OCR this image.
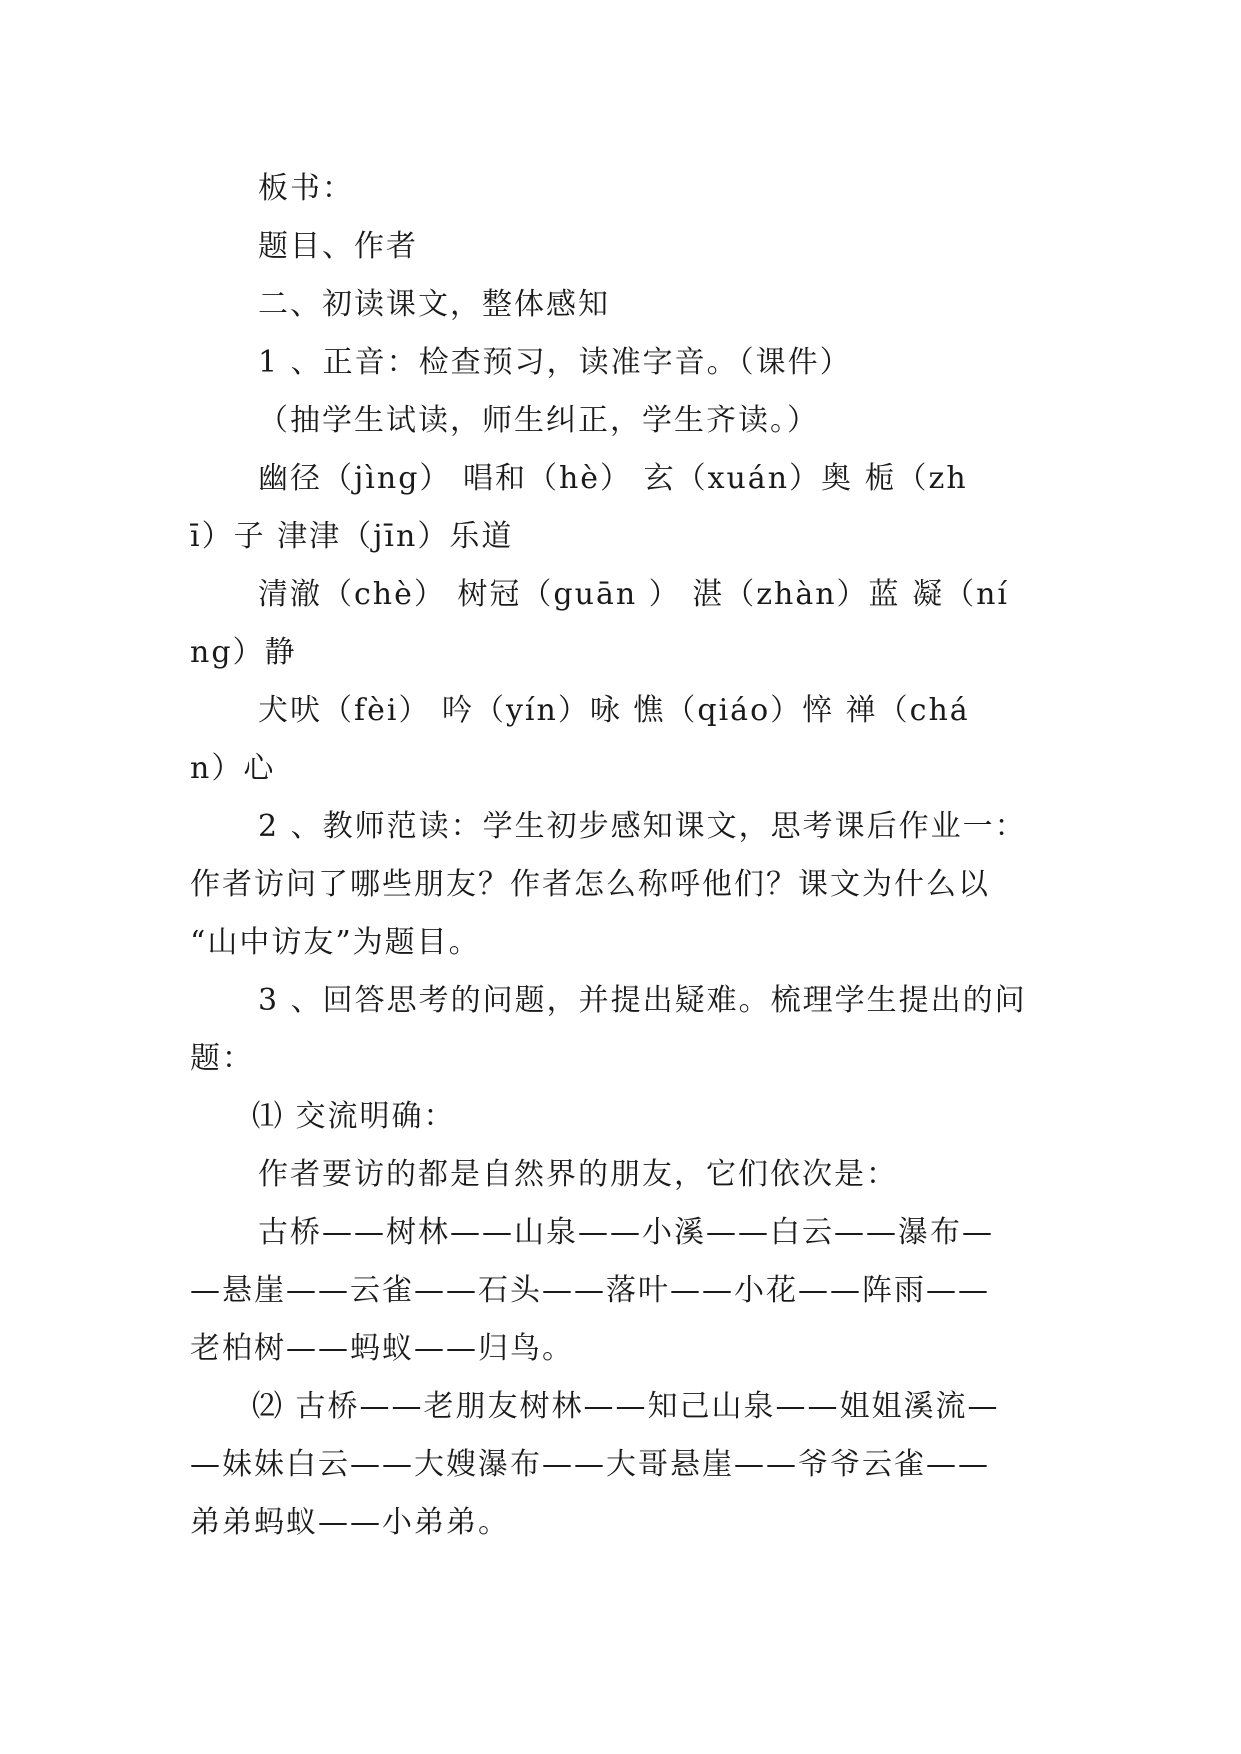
板书：
题目、作者
二、初读课文，整体感知
1 、正音：检查预习，读准字音。（课件）
（抽学生试读，师生纠正，学生齐读。）
幽径（jìng） 唱和（hè） 玄（xuán）奥 栀（zh
ī）子 津津（jīn）乐道
清澈（chè） 树冠（guān ） 湛（zhàn）蓝 凝（ní
ng）静
犬吠（fèi） 吟（yín）咏 憔（qiáo）悴 禅（chá
n）心
2 、教师范读：学生初步感知课文，思考课后作业一：
作者访问了哪些朋友？作者怎么称呼他们？课文为什么以
“山中访友”为题目。
3 、回答思考的问题，并提出疑难。梳理学生提出的问
题：
⑴ 交流明确：
作者要访的都是自然界的朋友，它们依次是：
古桥——树林——山泉——小溪——白云——瀑布—
—悬崖——云雀——石头——落叶——小花——阵雨——
老柏树——蚂蚁——归鸟。
⑵ 古桥——老朋友树林——知己山泉——姐姐溪流—
—妹妹白云——大嫂瀑布——大哥悬崖——爷爷云雀——
弟弟蚂蚁——小弟弟。
